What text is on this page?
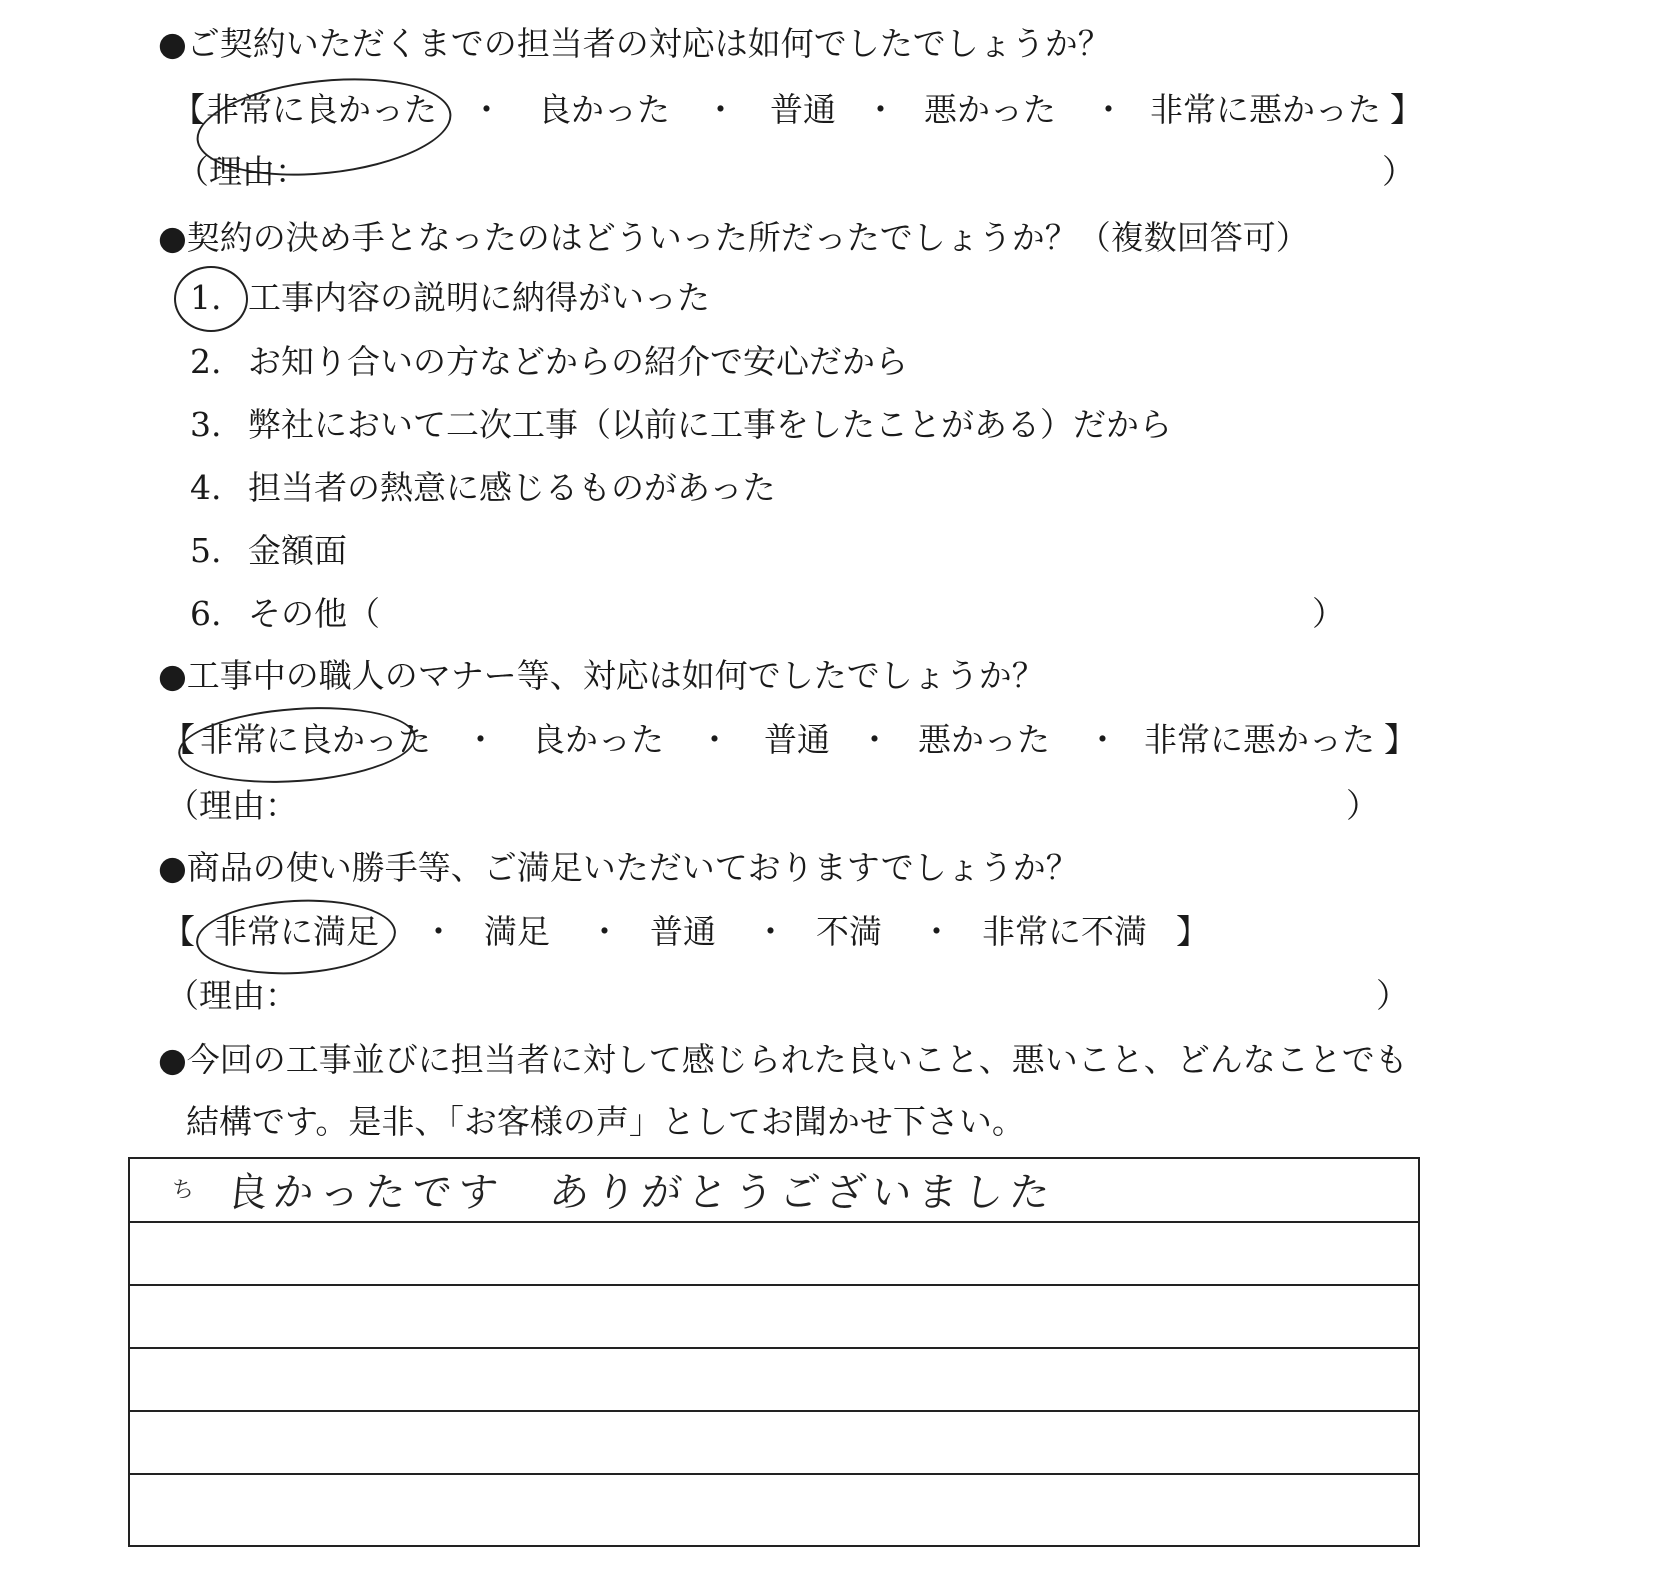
●ご契約いただくまでの担当者の対応は如何でしたでしょうか？
【 非常に良かった ・ 良かった ・ 普通 ・ 悪かった ・ 非常に悪かった 】
（理由：	）
●契約の決め手となったのはどういった所だったでしょうか？（複数回答可）
1. 工事内容の説明に納得がいった
2. お知り合いの方などからの紹介で安心だから
3. 弊社において二次工事（以前に工事をしたことがある）だから
4. 担当者の熱意に感じるものがあった
5. 金額面
6. その他（	）
●工事中の職人のマナー等、対応は如何でしたでしょうか？
【 非常に良かった ・ 良かった ・ 普通 ・ 悪かった ・ 非常に悪かった 】
（理由：	）
●商品の使い勝手等、ご満足いただいておりますでしょうか？
【 非常に満足 ・ 満足 ・ 普通 ・ 不満 ・ 非常に不満 】
（理由：	）
●今回の工事並びに担当者に対して感じられた良いこと、悪いこと、どんなことでも
結構です。是非、「お客様の声」としてお聞かせ下さい。
ち 良かったです　ありがとうございました
